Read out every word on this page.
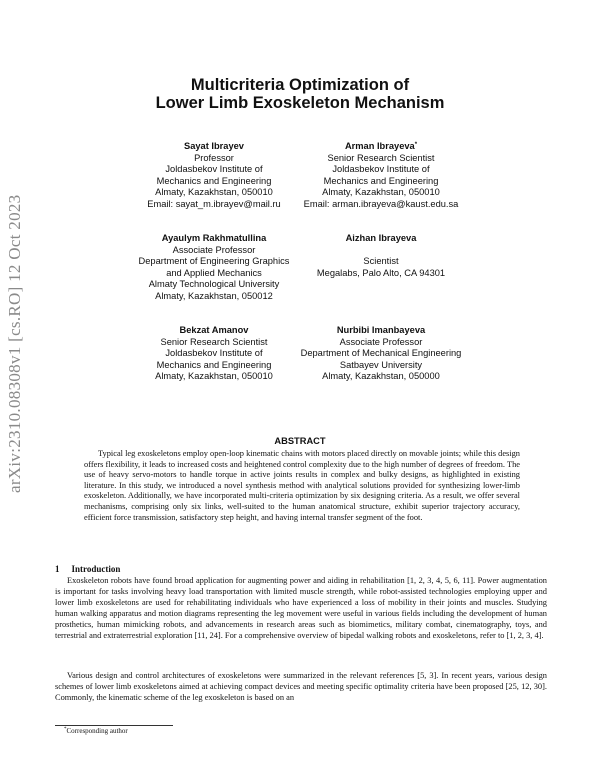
arXiv:2310.08308v1 [cs.RO] 12 Oct 2023
Multicriteria Optimization of
Lower Limb Exoskeleton Mechanism
Sayat Ibrayev
Professor
Joldasbekov Institute of
Mechanics and Engineering
Almaty, Kazakhstan, 050010
Email: sayat_m.ibrayev@mail.ru
Arman Ibrayeva*
Senior Research Scientist
Joldasbekov Institute of
Mechanics and Engineering
Almaty, Kazakhstan, 050010
Email: arman.ibrayeva@kaust.edu.sa
Ayaulym Rakhmatullina
Associate Professor
Department of Engineering Graphics
and Applied Mechanics
Almaty Technological University
Almaty, Kazakhstan, 050012
Aizhan Ibrayeva
Scientist
Megalabs, Palo Alto, CA 94301
Bekzat Amanov
Senior Research Scientist
Joldasbekov Institute of
Mechanics and Engineering
Almaty, Kazakhstan, 050010
Nurbibi Imanbayeva
Associate Professor
Department of Mechanical Engineering
Satbayev University
Almaty, Kazakhstan, 050000
ABSTRACT

Typical leg exoskeletons employ open-loop kinematic chains with motors placed directly on movable joints; while this design offers flexibility, it leads to increased costs and heightened control complexity due to the high number of degrees of freedom. The use of heavy servo-motors to handle torque in active joints results in complex and bulky designs, as highlighted in existing literature. In this study, we introduced a novel synthesis method with analytical solutions provided for synthesizing lower-limb exoskeleton. Additionally, we have incorporated multi-criteria optimization by six designing criteria. As a result, we offer several mechanisms, comprising only six links, well-suited to the human anatomical structure, exhibit superior trajectory accuracy, efficient force transmission, satisfactory step height, and having internal transfer segment of the foot.

1 Introduction

Exoskeleton robots have found broad application for augmenting power and aiding in rehabilitation [1, 2, 3, 4, 5, 6, 11]. Power augmentation is important for tasks involving heavy load transportation with limited muscle strength, while robot-assisted technologies employing upper and lower limb exoskeletons are used for rehabilitating individuals who have experienced a loss of mobility in their joints and muscles. Studying human walking apparatus and motion diagrams representing the leg movement were useful in various fields including the development of human prosthetics, human mimicking robots, and advancements in research areas such as biomimetics, military combat, cinematography, toys, and terrestrial and extraterrestrial exploration [11, 24]. For a comprehensive overview of bipedal walking robots and exoskeletons, refer to [1, 2, 3, 4].

Various design and control architectures of exoskeletons were summarized in the relevant references [5, 3]. In recent years, various design schemes of lower limb exoskeletons aimed at achieving compact devices and meeting specific optimality criteria have been proposed [25, 12, 30]. Commonly, the kinematic scheme of the leg exoskeleton is based on an

*Corresponding author
